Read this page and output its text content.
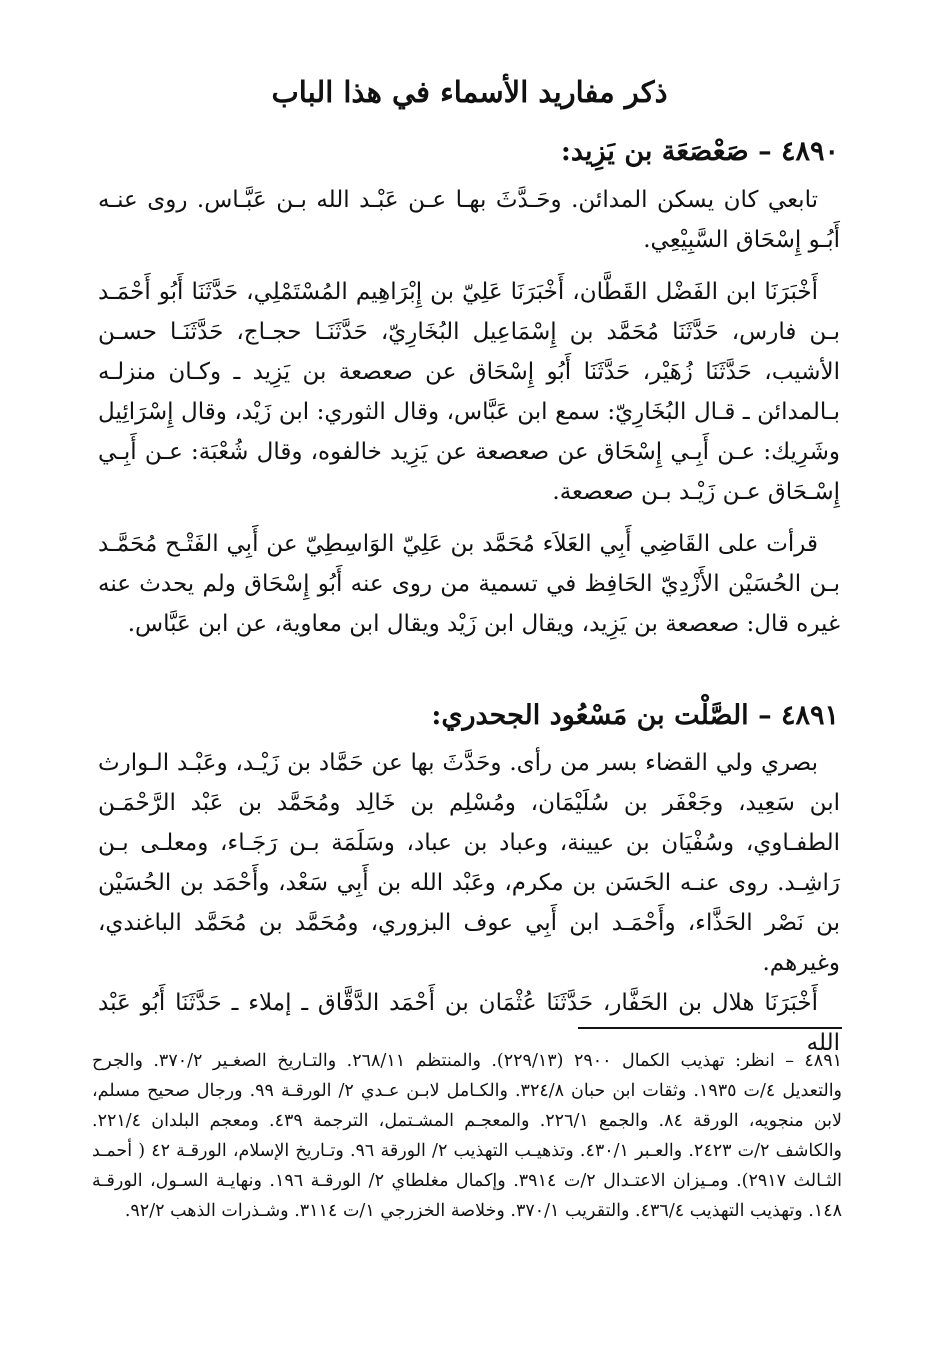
ذكر مفاريد الأسماء في هذا الباب
٤٨٩٠ – صَعْصَعَة بن يَزِيد:

تابعي كان يسكن المدائن. وحَـدَّثَ بهـا عـن عَبْـد الله بـن عَبَّـاس. روى عنـه أَبُـو إِسْحَاق السَّبِيْعِي.

أَخْبَرَنَا ابن الفَضْل القَطَّان، أَخْبَرَنَا عَلِيّ بن إِبْرَاهِيم المُسْتَمْلِي، حَدَّثَنَا أَبُو أَحْمَـد بـن فارس، حَدَّثَنَا مُحَمَّد بن إِسْمَاعِيل البُخَارِيّ، حَدَّثَنَـا حجـاج، حَدَّثَنَـا حسـن الأشيب، حَدَّثَنَا زُهَيْر، حَدَّثَنَا أَبُو إِسْحَاق عن صعصعة بن يَزِيد ـ وكـان منزلـه بـالمدائن ـ قـال البُخَارِيّ: سمع ابن عَبَّاس، وقال الثوري: ابن زَيْد، وقال إِسْرَائِيل وشَرِيك: عـن أَبِـي إِسْحَاق عن صعصعة عن يَزِيد خالفوه، وقال شُعْبَة: عـن أَبِـي إِسْـحَاق عـن زَيْـد بـن صعصعة.

قرأت على القَاضِي أَبِي العَلاَء مُحَمَّد بن عَلِيّ الوَاسِطِيّ عن أَبِي الفَتْـح مُحَمَّـد بـن الحُسَيْن الأَزْدِيّ الحَافِظ في تسمية من روى عنه أَبُو إِسْحَاق ولم يحدث عنه غيره قال: صعصعة بن يَزِيد، ويقال ابن زَيْد ويقال ابن معاوية، عن ابن عَبَّاس.

٤٨٩١ – الصَّلْت بن مَسْعُود الجحدري:

بصري ولي القضاء بسر من رأى. وحَدَّثَ بها عن حَمَّاد بن زَيْـد، وعَبْـد الـوارث ابن سَعِيد، وجَعْفَر بن سُلَيْمَان، ومُسْلِم بن خَالِد ومُحَمَّد بن عَبْد الرَّحْمَـن الطفـاوي، وسُفْيَان بن عيينة، وعباد بن عباد، وسَلَمَة بـن رَجَـاء، ومعلـى بـن رَاشِـد. روى عنـه الحَسَن بن مكرم، وعَبْد الله بن أَبِي سَعْد، وأَحْمَد بن الحُسَيْن بن نَصْر الحَذَّاء، وأَحْمَـد ابن أَبِي عوف البزوري، ومُحَمَّد بن مُحَمَّد الباغندي، وغيرهم.

أَخْبَرَنَا هلال بن الحَفَّار، حَدَّثَنَا عُثْمَان بن أَحْمَد الدَّقَّاق ـ إملاء ـ حَدَّثَنَا أَبُو عَبْد الله

٤٨٩١ – انظر: تهذيب الكمال ٢٩٠٠ (٢٢٩/١٣). والمنتظم ٢٦٨/١١. والتـاريخ الصغـير ٣٧٠/٢. والجرح والتعديل ٤/ت ١٩٣٥. وثقات ابن حبان ٣٢٤/٨. والكـامل لابـن عـدي ٢/ الورقـة ٩٩. ورجال صحيح مسلم، لابن منجويه، الورقة ٨٤. والجمع ٢٢٦/١. والمعجـم المشـتمل، الترجمة ٤٣٩. ومعجم البلدان ٢٢١/٤. والكاشف ٢/ت ٢٤٢٣. والعـبر ٤٣٠/١. وتذهيـب التهذيب ٢/ الورقة ٩٦. وتـاريخ الإسلام، الورقـة ٤٢ ( أحمـد الثـالث ٢٩١٧). ومـيزان الاعتـدال ٢/ت ٣٩١٤. وإكمال مغلطاي ٢/ الورقـة ١٩٦. ونهايـة السـول، الورقـة ١٤٨. وتهذيب التهذيب ٤٣٦/٤. والتقريب ٣٧٠/١. وخلاصة الخزرجي ١/ت ٣١١٤. وشـذرات الذهب ٩٢/٢.
